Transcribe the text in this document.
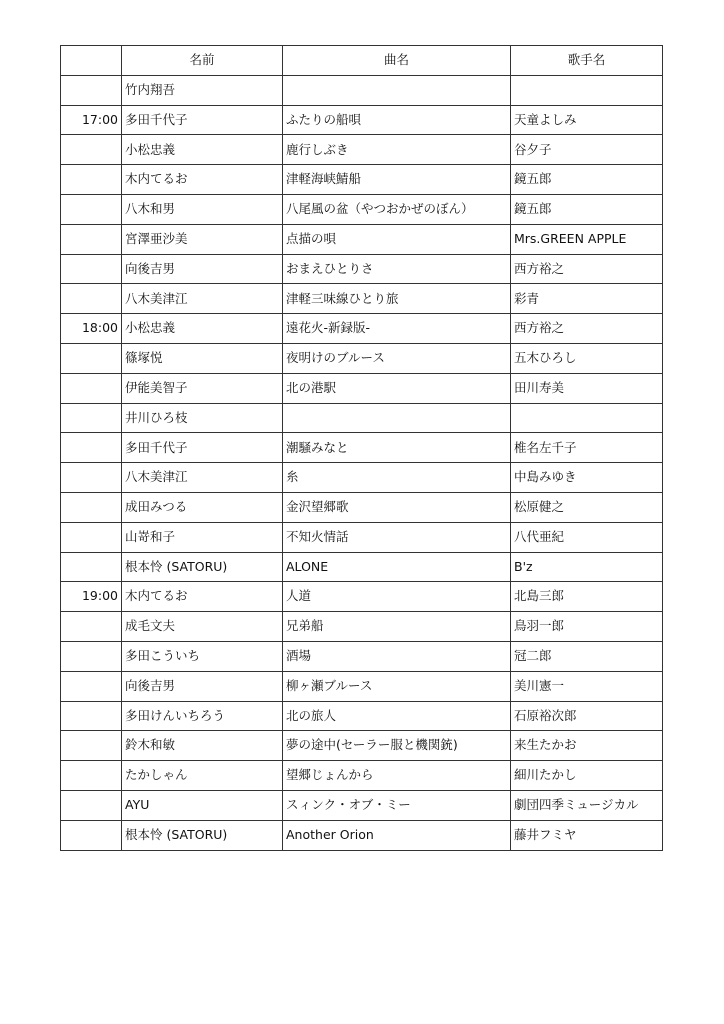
	名前	曲名	歌手名
	竹内翔吾		
17:00	多田千代子	ふたりの船唄	天童よしみ
	小松忠義	鹿行しぶき	谷夕子
	木内てるお	津軽海峡鯖船	鏡五郎
	八木和男	八尾風の盆（やつおかぜのぼん）	鏡五郎
	宮澤亜沙美	点描の唄	Mrs.GREEN APPLE
	向後吉男	おまえひとりさ	西方裕之
	八木美津江	津軽三味線ひとり旅	彩青
18:00	小松忠義	遠花火-新録版-	西方裕之
	篠塚悦	夜明けのブルース	五木ひろし
	伊能美智子	北の港駅	田川寿美
	井川ひろ枝		
	多田千代子	潮騒みなと	椎名左千子
	八木美津江	糸	中島みゆき
	成田みつる	金沢望郷歌	松原健之
	山嵜和子	不知火情話	八代亜紀
	根本怜 (SATORU)	ALONE	B'z
19:00	木内てるお	人道	北島三郎
	成毛文夫	兄弟船	鳥羽一郎
	多田こういち	酒場	冠二郎
	向後吉男	柳ヶ瀬ブルース	美川憲一
	多田けんいちろう	北の旅人	石原裕次郎
	鈴木和敏	夢の途中(セーラー服と機関銃)	来生たかお
	たかしゃん	望郷じょんから	細川たかし
	AYU	スィンク・オブ・ミー	劇団四季ミュージカル
	根本怜 (SATORU)	Another Orion	藤井フミヤ
